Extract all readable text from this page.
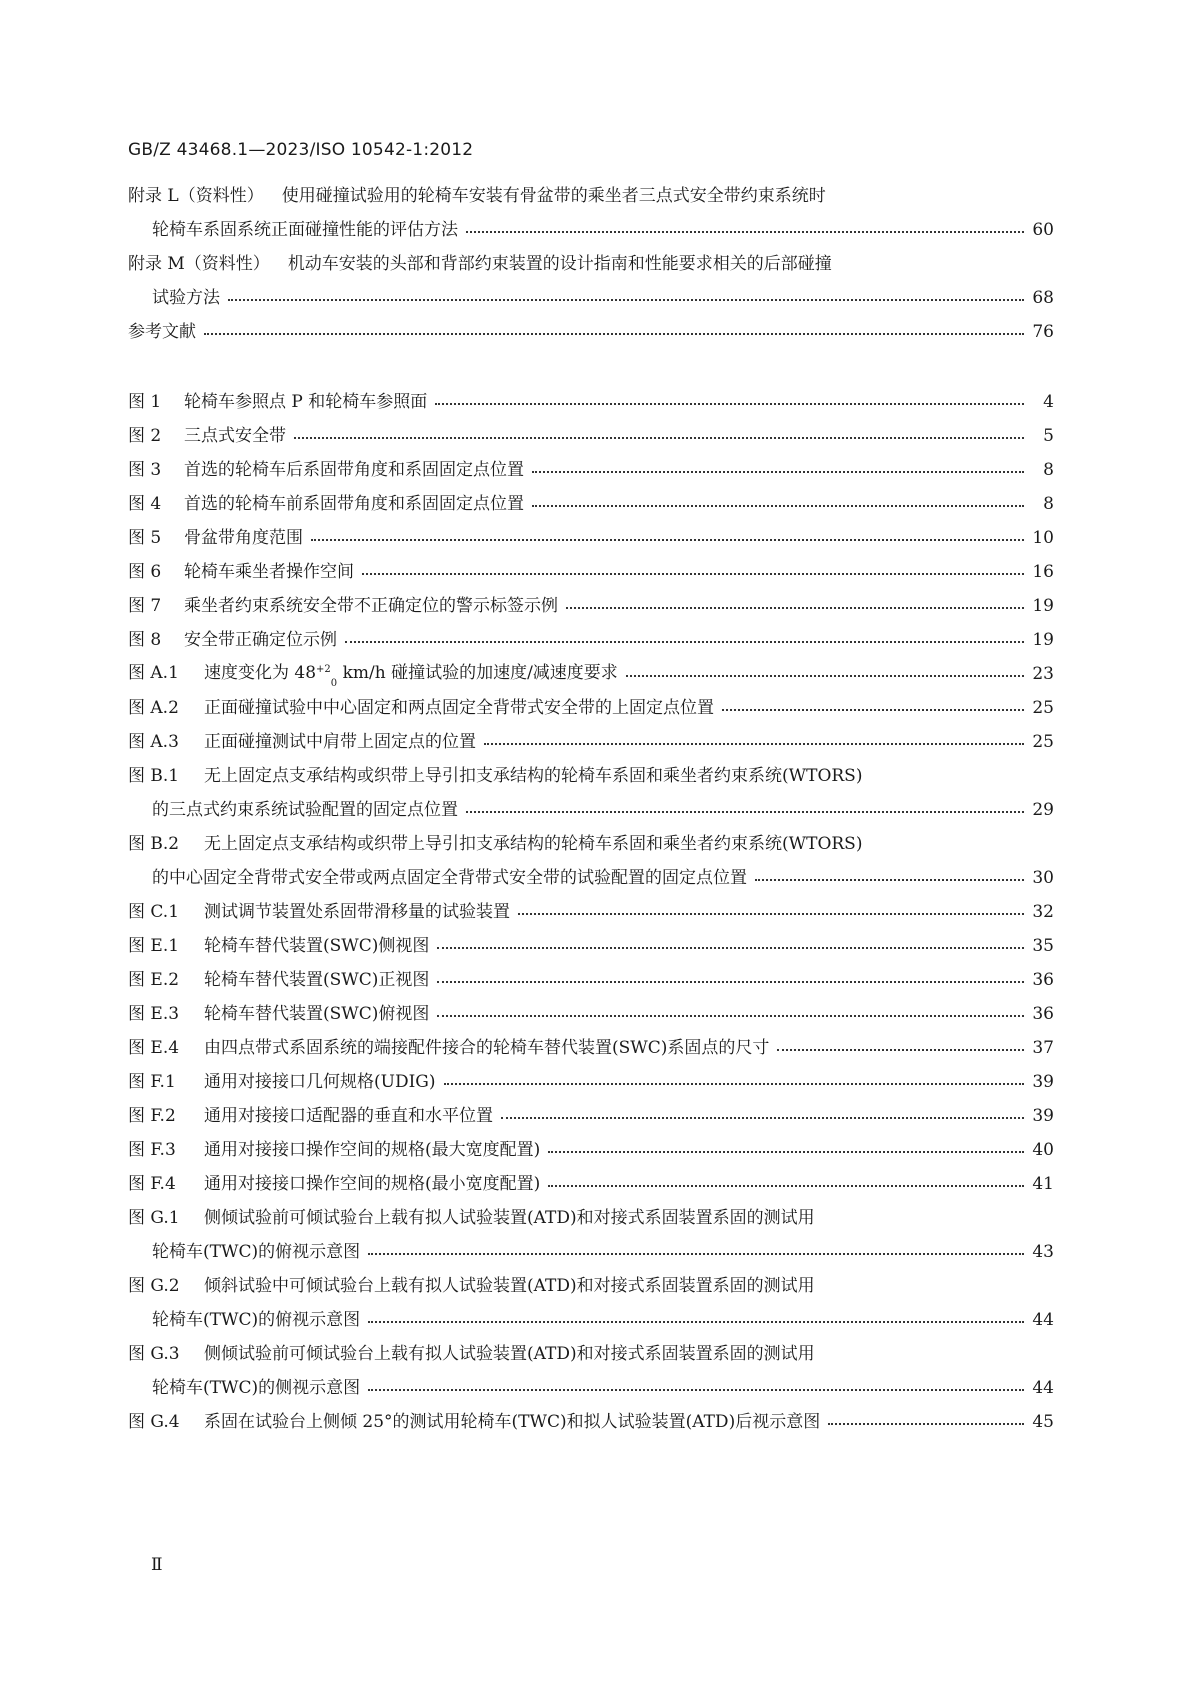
GB/Z 43468.1—2023/ISO 10542-1:2012
附录 L（资料性） 使用碰撞试验用的轮椅车安装有骨盆带的乘坐者三点式安全带约束系统时
轮椅车系固系统正面碰撞性能的评估方法	60
附录 M（资料性） 机动车安装的头部和背部约束装置的设计指南和性能要求相关的后部碰撞
试验方法	68
参考文献	76
图 1 轮椅车参照点 P 和轮椅车参照面	4
图 2 三点式安全带	5
图 3 首选的轮椅车后系固带角度和系固固定点位置	8
图 4 首选的轮椅车前系固带角度和系固固定点位置	8
图 5 骨盆带角度范围	10
图 6 轮椅车乘坐者操作空间	16
图 7 乘坐者约束系统安全带不正确定位的警示标签示例	19
图 8 安全带正确定位示例	19
图 A.1 速度变化为 $48^{+20}$ km/h 碰撞试验的加速度/减速度要求	23
图 A.2 正面碰撞试验中中心固定和两点固定全背带式安全带的上固定点位置	25
图 A.3 正面碰撞测试中肩带上固定点的位置	25
图 B.1 无上固定点支承结构或织带上导引扣支承结构的轮椅车系固和乘坐者约束系统(WTORS)
的三点式约束系统试验配置的固定点位置	29
图 B.2 无上固定点支承结构或织带上导引扣支承结构的轮椅车系固和乘坐者约束系统(WTORS)
的中心固定全背带式安全带或两点固定全背带式安全带的试验配置的固定点位置	30
图 C.1 测试调节装置处系固带滑移量的试验装置	32
图 E.1 轮椅车替代装置(SWC)侧视图	35
图 E.2 轮椅车替代装置(SWC)正视图	36
图 E.3 轮椅车替代装置(SWC)俯视图	36
图 E.4 由四点带式系固系统的端接配件接合的轮椅车替代装置(SWC)系固点的尺寸	37
图 F.1 通用对接接口几何规格(UDIG)	39
图 F.2 通用对接接口适配器的垂直和水平位置	39
图 F.3 通用对接接口操作空间的规格(最大宽度配置)	40
图 F.4 通用对接接口操作空间的规格(最小宽度配置)	41
图 G.1 侧倾试验前可倾试验台上载有拟人试验装置(ATD)和对接式系固装置系固的测试用
轮椅车(TWC)的俯视示意图	43
图 G.2 倾斜试验中可倾试验台上载有拟人试验装置(ATD)和对接式系固装置系固的测试用
轮椅车(TWC)的俯视示意图	44
图 G.3 侧倾试验前可倾试验台上载有拟人试验装置(ATD)和对接式系固装置系固的测试用
轮椅车(TWC)的侧视示意图	44
图 G.4 系固在试验台上侧倾 25°的测试用轮椅车(TWC)和拟人试验装置(ATD)后视示意图	45
Ⅱ
